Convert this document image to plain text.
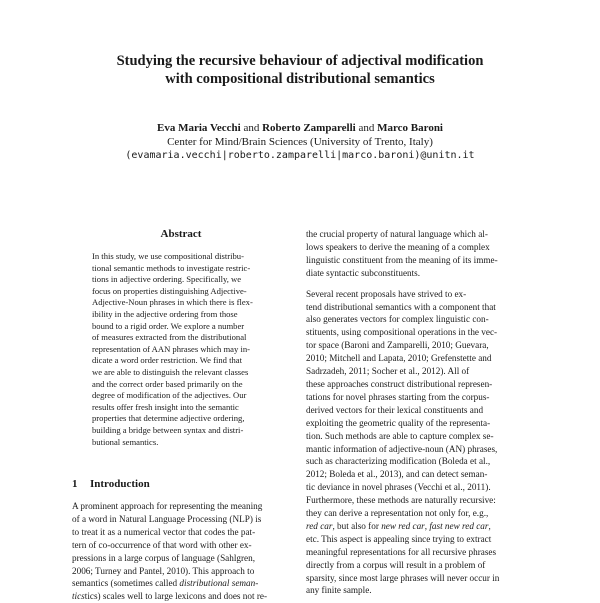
Studying the recursive behaviour of adjectival modification
with compositional distributional semantics
Eva Maria Vecchi and Roberto Zamparelli and Marco Baroni
Center for Mind/Brain Sciences (University of Trento, Italy)
(evamaria.vecchi|roberto.zamparelli|marco.baroni)@unitn.it
Abstract
In this study, we use compositional distribu-
tional semantic methods to investigate restric-
tions in adjective ordering. Specifically, we
focus on properties distinguishing Adjective-
Adjective-Noun phrases in which there is flex-
ibility in the adjective ordering from those
bound to a rigid order. We explore a number
of measures extracted from the distributional
representation of AAN phrases which may in-
dicate a word order restriction. We find that
we are able to distinguish the relevant classes
and the correct order based primarily on the
degree of modification of the adjectives. Our
results offer fresh insight into the semantic
properties that determine adjective ordering,
building a bridge between syntax and distri-
butional semantics.
1 Introduction
A prominent approach for representing the meaning
of a word in Natural Language Processing (NLP) is
to treat it as a numerical vector that codes the pat-
tern of co-occurrence of that word with other ex-
pressions in a large corpus of language (Sahlgren,
2006; Turney and Pantel, 2010). This approach to
semantics (sometimes called distributional seman-
ticstics) scales well to large lexicons and does not re-
the crucial property of natural language which al-
lows speakers to derive the meaning of a complex
linguistic constituent from the meaning of its imme-
diate syntactic subconstituents.
Several recent proposals have strived to ex-
tend distributional semantics with a component that
also generates vectors for complex linguistic con-
stituents, using compositional operations in the vec-
tor space (Baroni and Zamparelli, 2010; Guevara,
2010; Mitchell and Lapata, 2010; Grefenstette and
Sadrzadeh, 2011; Socher et al., 2012). All of
these approaches construct distributional represen-
tations for novel phrases starting from the corpus-
derived vectors for their lexical constituents and
exploiting the geometric quality of the representa-
tion. Such methods are able to capture complex se-
mantic information of adjective-noun (AN) phrases,
such as characterizing modification (Boleda et al.,
2012; Boleda et al., 2013), and can detect seman-
tic deviance in novel phrases (Vecchi et al., 2011).
Furthermore, these methods are naturally recursive:
they can derive a representation not only for, e.g.,
red car, but also for new red car, fast new red car,
etc. This aspect is appealing since trying to extract
meaningful representations for all recursive phrases
directly from a corpus will result in a problem of
sparsity, since most large phrases will never occur in
any finite sample.
